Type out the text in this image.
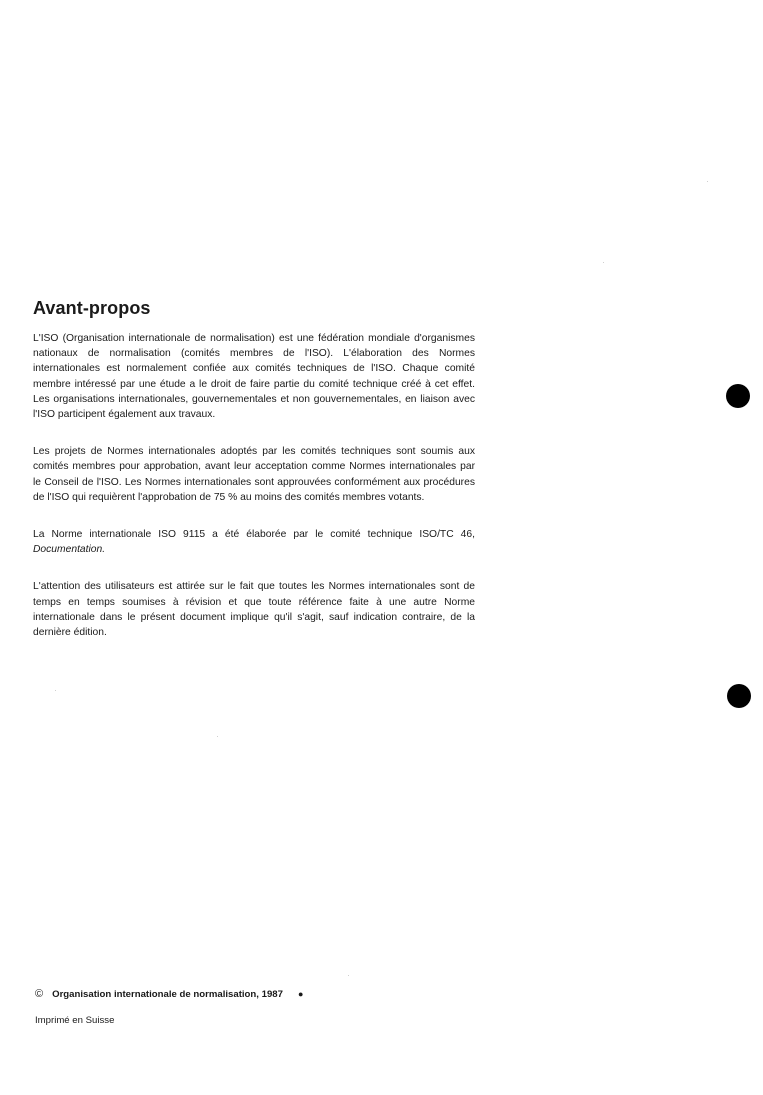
Avant-propos

L'ISO (Organisation internationale de normalisation) est une fédération mondiale d'organismes nationaux de normalisation (comités membres de l'ISO). L'élaboration des Normes internationales est normalement confiée aux comités techniques de l'ISO. Chaque comité membre intéressé par une étude a le droit de faire partie du comité technique créé à cet effet. Les organisations internationales, gouvernementales et non gouvernementales, en liaison avec l'ISO participent également aux travaux.

Les projets de Normes internationales adoptés par les comités techniques sont soumis aux comités membres pour approbation, avant leur acceptation comme Normes internationales par le Conseil de l'ISO. Les Normes internationales sont approuvées conformément aux procédures de l'ISO qui requièrent l'approbation de 75 % au moins des comités membres votants.

La Norme internationale ISO 9115 a été élaborée par le comité technique ISO/TC 46, Documentation.

L'attention des utilisateurs est attirée sur le fait que toutes les Normes internationales sont de temps en temps soumises à révision et que toute référence faite à une autre Norme internationale dans le présent document implique qu'il s'agit, sauf indication contraire, de la dernière édition.

© Organisation internationale de normalisation, 1987 ●
Imprimé en Suisse
